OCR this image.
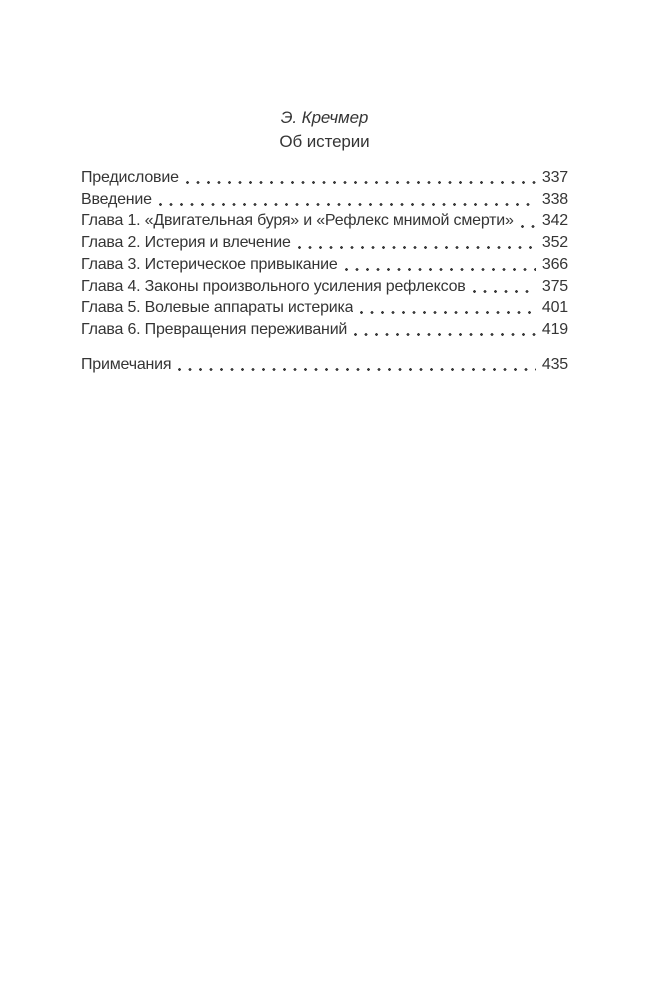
Э. Кречмер
Об истерии
Предисловие	337
Введение	338
Глава 1. «Двигательная буря» и «Рефлекс мнимой смерти» 342
Глава 2. Истерия и влечение	352
Глава 3. Истерическое привыкание	366
Глава 4. Законы произвольного усиления рефлексов	375
Глава 5. Волевые аппараты истерика	401
Глава 6. Превращения переживаний	419
Примечания	435
